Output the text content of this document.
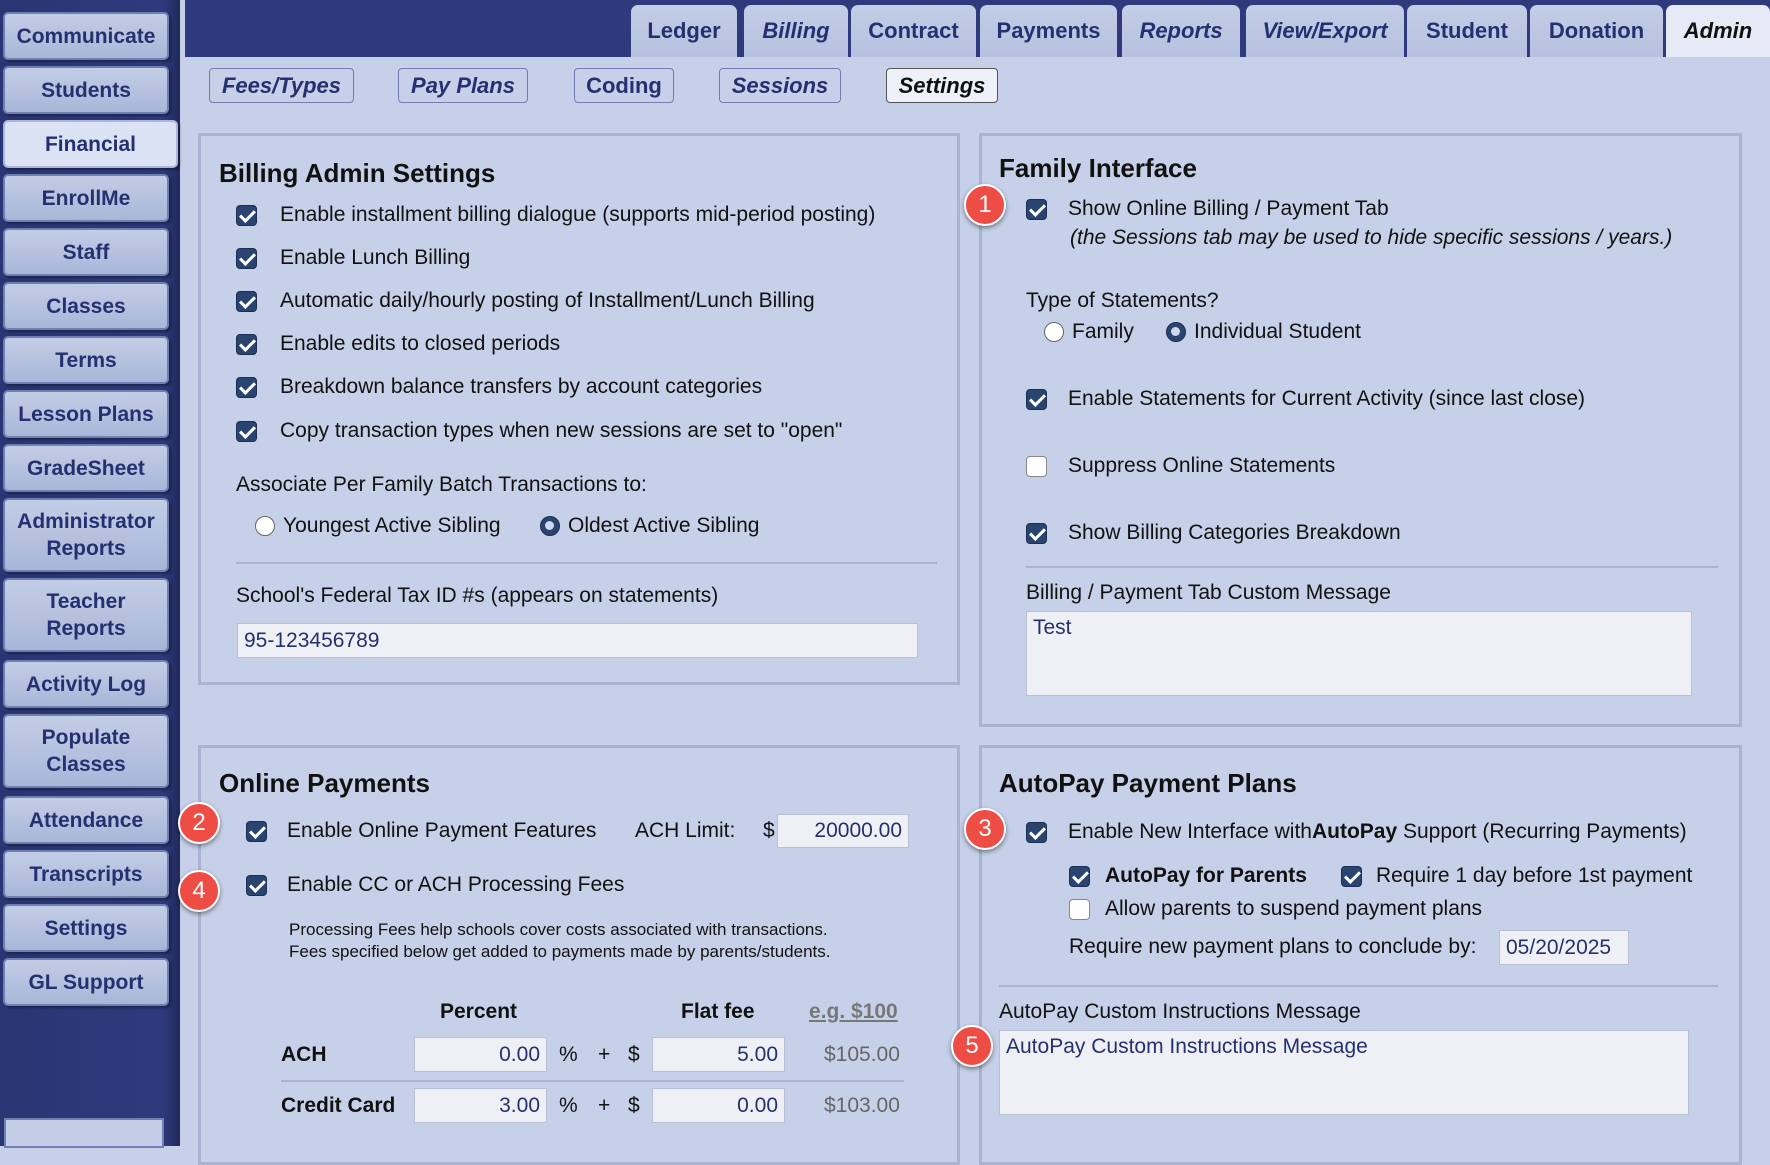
Communicate
Students
Financial
EnrollMe
Staff
Classes
Terms
Lesson Plans
GradeSheet
Administrator
Reports
Teacher
Reports
Activity Log
Populate
Classes
Attendance
Transcripts
Settings
GL Support
Ledger Billing Contract Payments Reports View/Export Student Donation Admin
Fees/Types	Pay Plans	Coding	Sessions	Settings
Billing Admin Settings
Enable installment billing dialogue (supports mid-period posting)
Enable Lunch Billing
Automatic daily/hourly posting of Installment/Lunch Billing
Enable edits to closed periods
Breakdown balance transfers by account categories
Copy transaction types when new sessions are set to "open"
Associate Per Family Batch Transactions to:
Youngest Active Sibling	Oldest Active Sibling
School's Federal Tax ID #s (appears on statements)
95-123456789
Family Interface
1	Show Online Billing / Payment Tab
(the Sessions tab may be used to hide specific sessions / years.)
Type of Statements?
Family	Individual Student
Enable Statements for Current Activity (since last close)
Suppress Online Statements
Show Billing Categories Breakdown
Billing / Payment Tab Custom Message
Test
Online Payments
2
4
Enable Online Payment Features ACH Limit: $	20000.00
Enable CC or ACH Processing Fees
Processing Fees help schools cover costs associated with transactions.
Fees specified below get added to payments made by parents/students.
Percent	Flat fee	e.g. $100
ACH	0.00 % + $	5.00	$105.00
Credit Card	3.00 % + $	0.00	$103.00
AutoPay Payment Plans
3	Enable New Interface with AutoPay Support (Recurring Payments)
AutoPay for Parents	Require 1 day before 1st payment
Allow parents to suspend payment plans
Require new payment plans to conclude by:	05/20/2025
AutoPay Custom Instructions Message
5	AutoPay Custom Instructions Message
